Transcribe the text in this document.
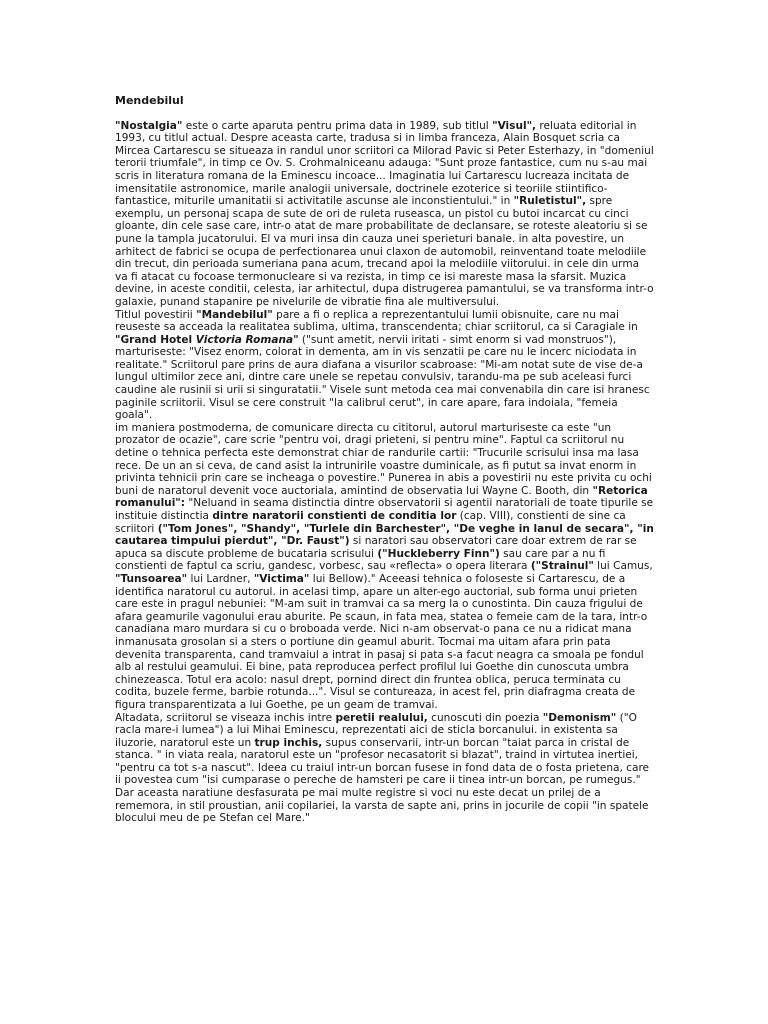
Mendebilul

"Nostalgia" este o carte aparuta pentru prima data in 1989, sub titlul "Visul", reluata editorial in 1993, cu titlul actual. Despre aceasta carte, tradusa si in limba franceza, Alain Bosquet scria ca Mircea Cartarescu se situeaza in randul unor scriitori ca Milorad Pavic si Peter Esterhazy, in "domeniul terorii triumfale", in timp ce Ov. S. Crohmalniceanu adauga: "Sunt proze fantastice, cum nu s-au mai scris in literatura romana de la Eminescu incoace... Imaginatia lui Cartarescu lucreaza incitata de imensitatile astronomice, marile analogii universale, doctrinele ezoterice si teoriile stiintifico-fantastice, miturile umanitatii si activitatile ascunse ale inconstientului." in "Ruletistul", spre exemplu, un personaj scapa de sute de ori de ruleta ruseasca, un pistol cu butoi incarcat cu cinci gloante, din cele sase care, intr-o atat de mare probabilitate de declansare, se roteste aleatoriu si se pune la tampla jucatorului. El va muri insa din cauza unei sperieturi banale. in alta povestire, un arhitect de fabrici se ocupa de perfectionarea unui claxon de automobil, reinventand toate melodiile din trecut, din perioada sumeriana pana acum, trecand apoi la melodiile viitorului. in cele din urma va fi atacat cu focoase termonucleare si va rezista, in timp ce isi mareste masa la sfarsit. Muzica devine, in aceste conditii, celesta, iar arhitectul, dupa distrugerea pamantului, se va transforma intr-o galaxie, punand stapanire pe nivelurile de vibratie fina ale multiversului.

Titlul povestirii "Mandebilul" pare a fi o replica a reprezentantului lumii obisnuite, care nu mai reuseste sa acceada la realitatea sublima, ultima, transcendenta; chiar scriitorul, ca si Caragiale in "Grand Hotel Victoria Romana" ("sunt ametit, nervii iritati - simt enorm si vad monstruos"), marturiseste: "Visez enorm, colorat in dementa, am in vis senzatii pe care nu le incerc niciodata in realitate." Scriitorul pare prins de aura diafana a visurilor scabroase: "Mi-am notat sute de vise de-a lungul ultimilor zece ani, dintre care unele se repetau convulsiv, tarandu-ma pe sub aceleasi furci caudine ale rusinii si urii si singuratatii." Visele sunt metoda cea mai convenabila din care isi hranesc paginile scriitorii. Visul se cere construit "la calibrul cerut", in care apare, fara indoiala, "femeia goala".

im maniera postmoderna, de comunicare directa cu cititorul, autorul marturiseste ca este "un prozator de ocazie", care scrie "pentru voi, dragi prieteni, si pentru mine". Faptul ca scriitorul nu detine o tehnica perfecta este demonstrat chiar de randurile cartii: "Trucurile scrisului insa ma lasa rece. De un an si ceva, de cand asist la intrunirile voastre duminicale, as fi putut sa invat enorm in privinta tehnicii prin care se incheaga o povestire." Punerea in abis a povestirii nu este privita cu ochi buni de naratorul devenit voce auctoriala, amintind de observatia lui Wayne C. Booth, din "Retorica romanului": "Neluand in seama distinctia dintre observatorii si agentii naratoriali de toate tipurile se instituie distinctia dintre naratorii constienti de conditia lor (cap. VIII), constienti de sine ca scriitori ("Tom Jones", "Shandy", "Turlele din Barchester", "De veghe in lanul de secara", "in cautarea timpului pierdut", "Dr. Faust") si naratori sau observatori care doar extrem de rar se apuca sa discute probleme de bucataria scrisului ("Huckleberry Finn") sau care par a nu fi constienti de faptul ca scriu, gandesc, vorbesc, sau «reflecta» o opera literara ("Strainul" lui Camus, "Tunsoarea" lui Lardner, "Victima" lui Bellow)." Aceeasi tehnica o foloseste si Cartarescu, de a identifica naratorul cu autorul. in acelasi timp, apare un alter-ego auctorial, sub forma unui prieten care este in pragul nebuniei: "M-am suit in tramvai ca sa merg la o cunostinta. Din cauza frigului de afara geamurile vagonului erau aburite. Pe scaun, in fata mea, statea o femeie cam de la tara, intr-o canadiana maro murdara si cu o broboada verde. Nici n-am observat-o pana ce nu a ridicat mana inmanusata grosolan si a sters o portiune din geamul aburit. Tocmai ma uitam afara prin pata devenita transparenta, cand tramvaiul a intrat in pasaj si pata s-a facut neagra ca smoala pe fondul alb al restului geamului. Ei bine, pata reproducea perfect profilul lui Goethe din cunoscuta umbra chinezeasca. Totul era acolo: nasul drept, pornind direct din fruntea oblica, peruca terminata cu codita, buzele ferme, barbie rotunda...". Visul se contureaza, in acest fel, prin diafragma creata de figura transparentizata a lui Goethe, pe un geam de tramvai.

Altadata, scriitorul se viseaza inchis intre peretii realului, cunoscuti din poezia "Demonism" ("O racla mare-i lumea") a lui Mihai Eminescu, reprezentati aici de sticla borcanului. in existenta sa iluzorie, naratorul este un trup inchis, supus conservarii, intr-un borcan "taiat parca in cristal de stanca. " in viata reala, naratorul este un "profesor necasatorit si blazat", traind in virtutea inertiei, "pentru ca tot s-a nascut". Ideea cu traiul intr-un borcan fusese in fond data de o fosta prietena, care ii povestea cum "isi cumparase o pereche de hamsteri pe care ii tinea intr-un borcan, pe rumegus."

Dar aceasta naratiune desfasurata pe mai multe registre si voci nu este decat un prilej de a rememora, in stil proustian, anii copilariei, la varsta de sapte ani, prins in jocurile de copii "in spatele blocului meu de pe Stefan cel Mare."
